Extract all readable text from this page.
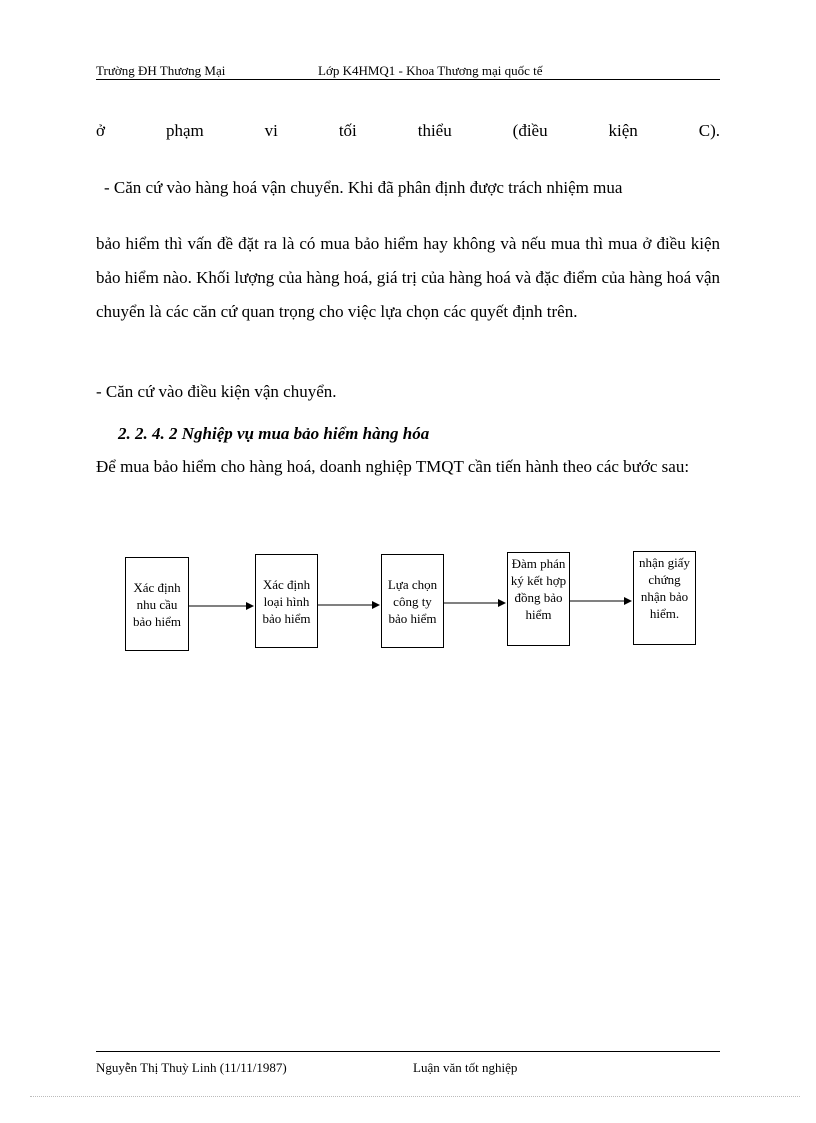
Trường ĐH Thương Mại	Lớp K4HMQ1 - Khoa Thương mại quốc tế
ở	phạm	vi	tối	thiểu	(điều	kiện	C).

- Căn cứ vào hàng hoá vận chuyển. Khi đã phân định được trách nhiệm mua

bảo hiểm thì vấn đề đặt ra là có mua bảo hiểm hay không và nếu mua thì mua ở điều kiện bảo hiểm nào. Khối lượng của hàng hoá, giá trị của hàng hoá và đặc điểm của hàng hoá vận chuyển là các căn cứ quan trọng cho việc lựa chọn các quyết định trên.

- Căn cứ vào điều kiện vận chuyển.

2. 2. 4. 2 Nghiệp vụ mua bảo hiểm hàng hóa

Để mua bảo hiểm cho hàng hoá, doanh nghiệp TMQT cần tiến hành theo các bước sau:

Xác định nhu cầu bảo hiểm
Xác định loại hình bảo hiểm
Lựa chọn công ty bảo hiểm
Đàm phán ký kết hợp đồng bảo hiểm
nhận giấy chứng nhận bảo hiểm.
Nguyễn Thị Thuỳ Linh (11/11/1987)	Luận văn tốt nghiệp
